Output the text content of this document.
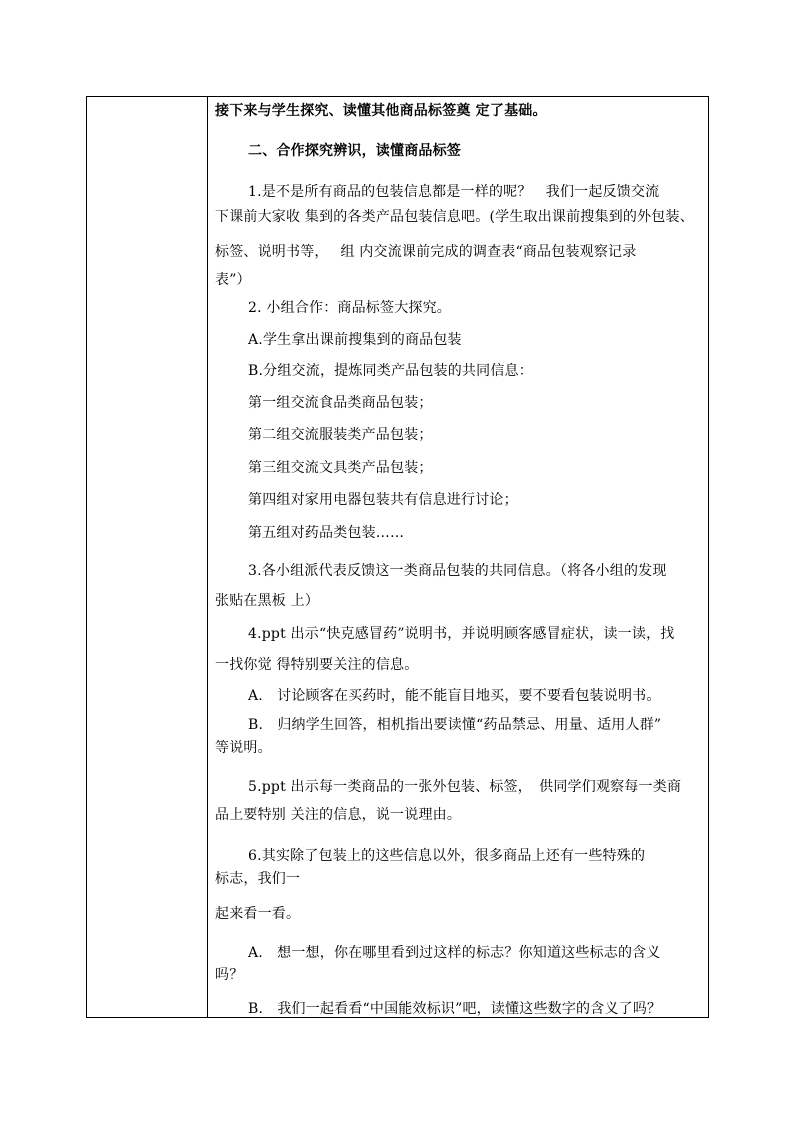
接下来与学生探究、读懂其他商品标签奠 定了基础。
二、合作探究辨识，读懂商品标签
1.是不是所有商品的包装信息都是一样的呢？　我们一起反馈交流
下课前大家收 集到的各类产品包装信息吧。(学生取出课前搜集到的外包装、
标签、说明书等，　 组 内交流课前完成的调查表“商品包装观察记录
表”）
2. 小组合作：商品标签大探究。
A.学生拿出课前搜集到的商品包装
B.分组交流，提炼同类产品包装的共同信息：
第一组交流食品类商品包装；
第二组交流服装类产品包装；
第三组交流文具类产品包装；
第四组对家用电器包装共有信息进行讨论；
第五组对药品类包装……
3.各小组派代表反馈这一类商品包装的共同信息。（将各小组的发现
张贴在黑板 上）
4.ppt 出示“快克感冒药”说明书，并说明顾客感冒症状，读一读，找
一找你觉 得特别要关注的信息。
A.　讨论顾客在买药时，能不能盲目地买，要不要看包装说明书。
B.　归纳学生回答，相机指出要读懂“药品禁忌、用量、适用人群”
等说明。
5.ppt 出示每一类商品的一张外包装、标签，　供同学们观察每一类商
品上要特别 关注的信息，说一说理由。
6.其实除了包装上的这些信息以外，很多商品上还有一些特殊的
标志，我们一
起来看一看。
A.　想一想，你在哪里看到过这样的标志？你知道这些标志的含义
吗？
B.　我们一起看看“中国能效标识”吧，读懂这些数字的含义了吗？
